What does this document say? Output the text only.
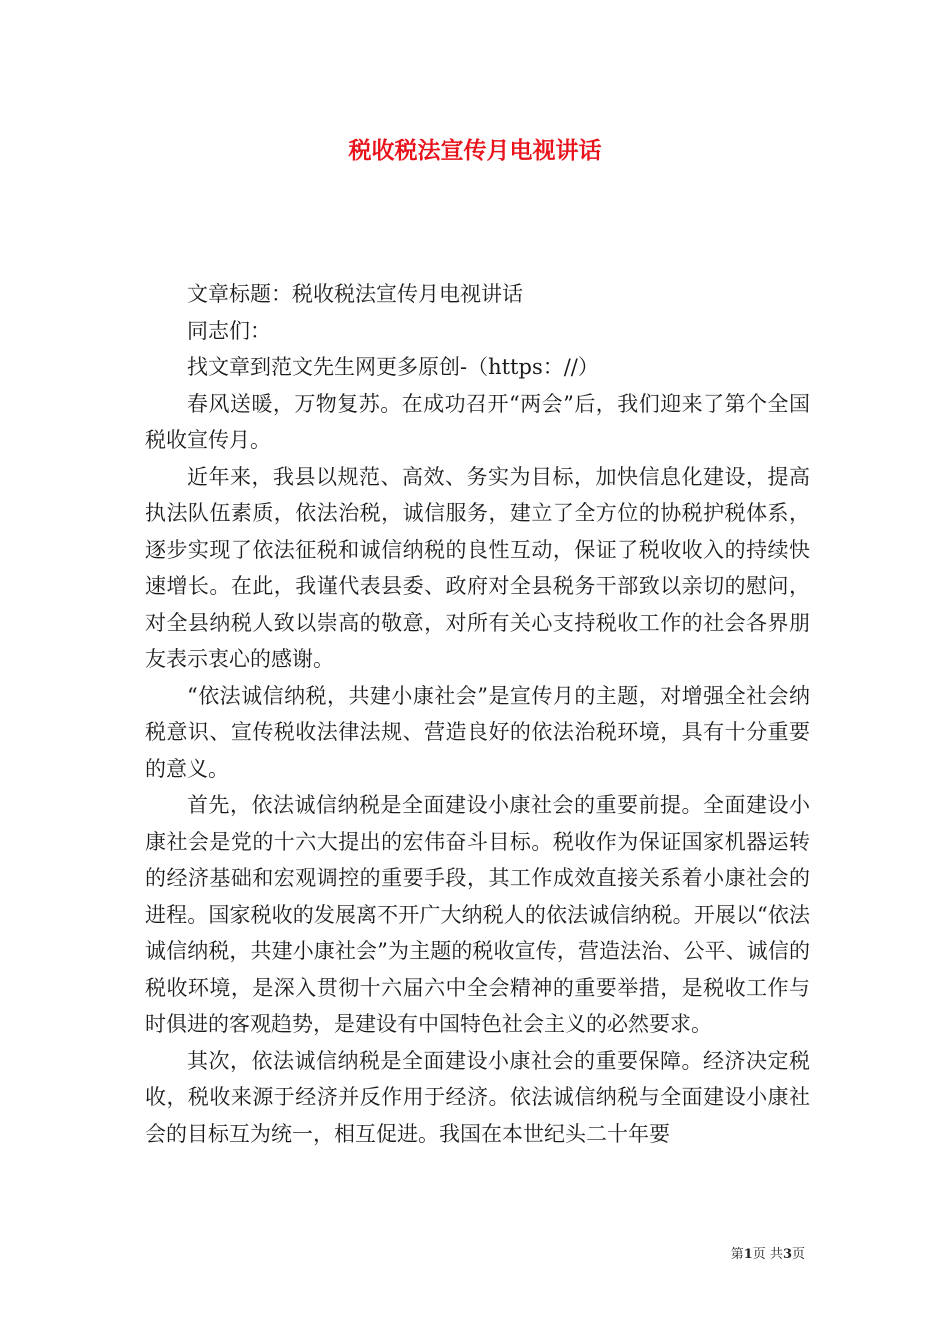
税收税法宣传月电视讲话

文章标题：税收税法宣传月电视讲话

同志们：

找文章到范文先生网更多原创-（https：//）

春风送暖，万物复苏。在成功召开“两会”后，我们迎来了第个全国税收宣传月。

近年来，我县以规范、高效、务实为目标，加快信息化建设，提高执法队伍素质，依法治税，诚信服务，建立了全方位的协税护税体系，逐步实现了依法征税和诚信纳税的良性互动，保证了税收收入的持续快速增长。在此，我谨代表县委、政府对全县税务干部致以亲切的慰问，对全县纳税人致以崇高的敬意，对所有关心支持税收工作的社会各界朋友表示衷心的感谢。

“依法诚信纳税，共建小康社会”是宣传月的主题，对增强全社会纳税意识、宣传税收法律法规、营造良好的依法治税环境，具有十分重要的意义。

首先，依法诚信纳税是全面建设小康社会的重要前提。全面建设小康社会是党的十六大提出的宏伟奋斗目标。税收作为保证国家机器运转的经济基础和宏观调控的重要手段，其工作成效直接关系着小康社会的进程。国家税收的发展离不开广大纳税人的依法诚信纳税。开展以“依法诚信纳税，共建小康社会”为主题的税收宣传，营造法治、公平、诚信的税收环境，是深入贯彻十六届六中全会精神的重要举措，是税收工作与时俱进的客观趋势，是建设有中国特色社会主义的必然要求。

其次，依法诚信纳税是全面建设小康社会的重要保障。经济决定税收，税收来源于经济并反作用于经济。依法诚信纳税与全面建设小康社会的目标互为统一，相互促进。我国在本世纪头二十年要

第1页 共3页
